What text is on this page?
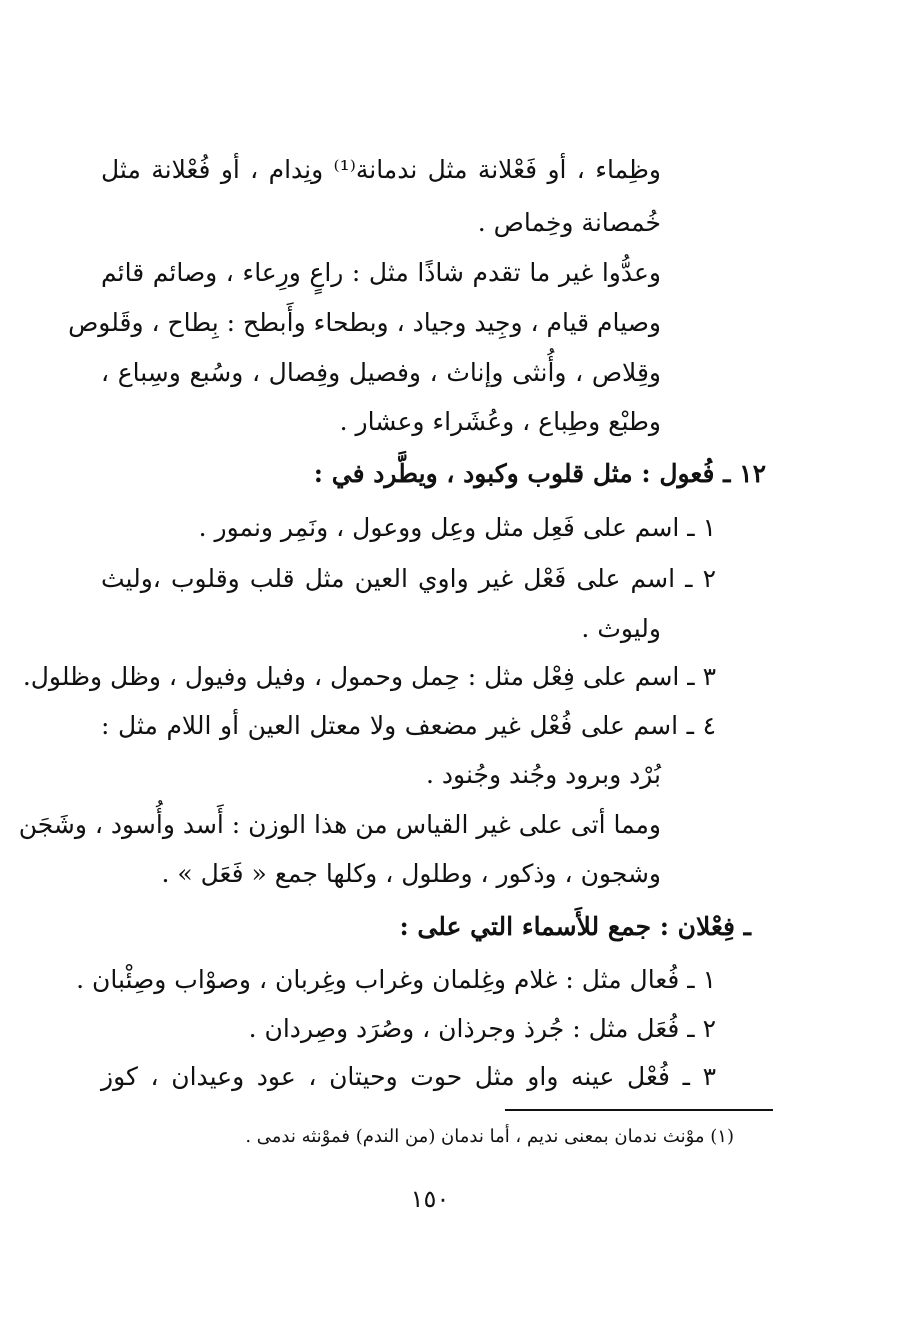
وظِماء ، أو فَعْلانة مثل ندمانة⁽¹⁾ ونِدام ، أو فُعْلانة مثل
خُمصانة وخِماص .
وعدُّوا غير ما تقدم شاذًا مثل : راعٍ ورِعاء ، وصائم قائم
وصيام قيام ، وجِيد وجياد ، وبطحاء وأَبطح : بِطاح ، وقَلوص
وقِلاص ، وأُنثى وإناث ، وفصيل وفِصال ، وسُبع وسِباع ،
وطبْع وطِباع ، وعُشَراء وعشار .
١٢ ـ فُعول : مثل قلوب وكبود ، ويطَّرد في :
١ ـ اسم على فَعِل مثل وعِل ووعول ، ونَمِر ونمور .
٢ ـ اسم على فَعْل غير واوي العين مثل قلب وقلوب ،وليث
وليوث .
٣ ـ اسم على فِعْل مثل : حِمل وحمول ، وفيل وفيول ، وظل وظلول.
٤ ـ اسم على فُعْل غير مضعف ولا معتل العين أو اللام مثل :
بُرْد وبرود وجُند وجُنود .
ومما أتى على غير القياس من هذا الوزن : أَسد وأُسود ، وشَجَن
وشجون ، وذكور ، وطلول ، وكلها جمع « فَعَل » .
ـ فِعْلان : جمع للأَسماء التي على :
١ ـ فُعال مثل : غلام وغِلمان وغراب وغِربان ، وصوْاب وصِئْبان .
٢ ـ فُعَل مثل : جُرذ وجرذان ، وصُرَد وصِردان .
٣ ـ فُعْل عينه واو مثل حوت وحيتان ، عود وعيدان ، كوز
(١) موْنث ندمان بمعنى نديم ، أما ندمان (من الندم) فموْنثه ندمى .
١٥٠
